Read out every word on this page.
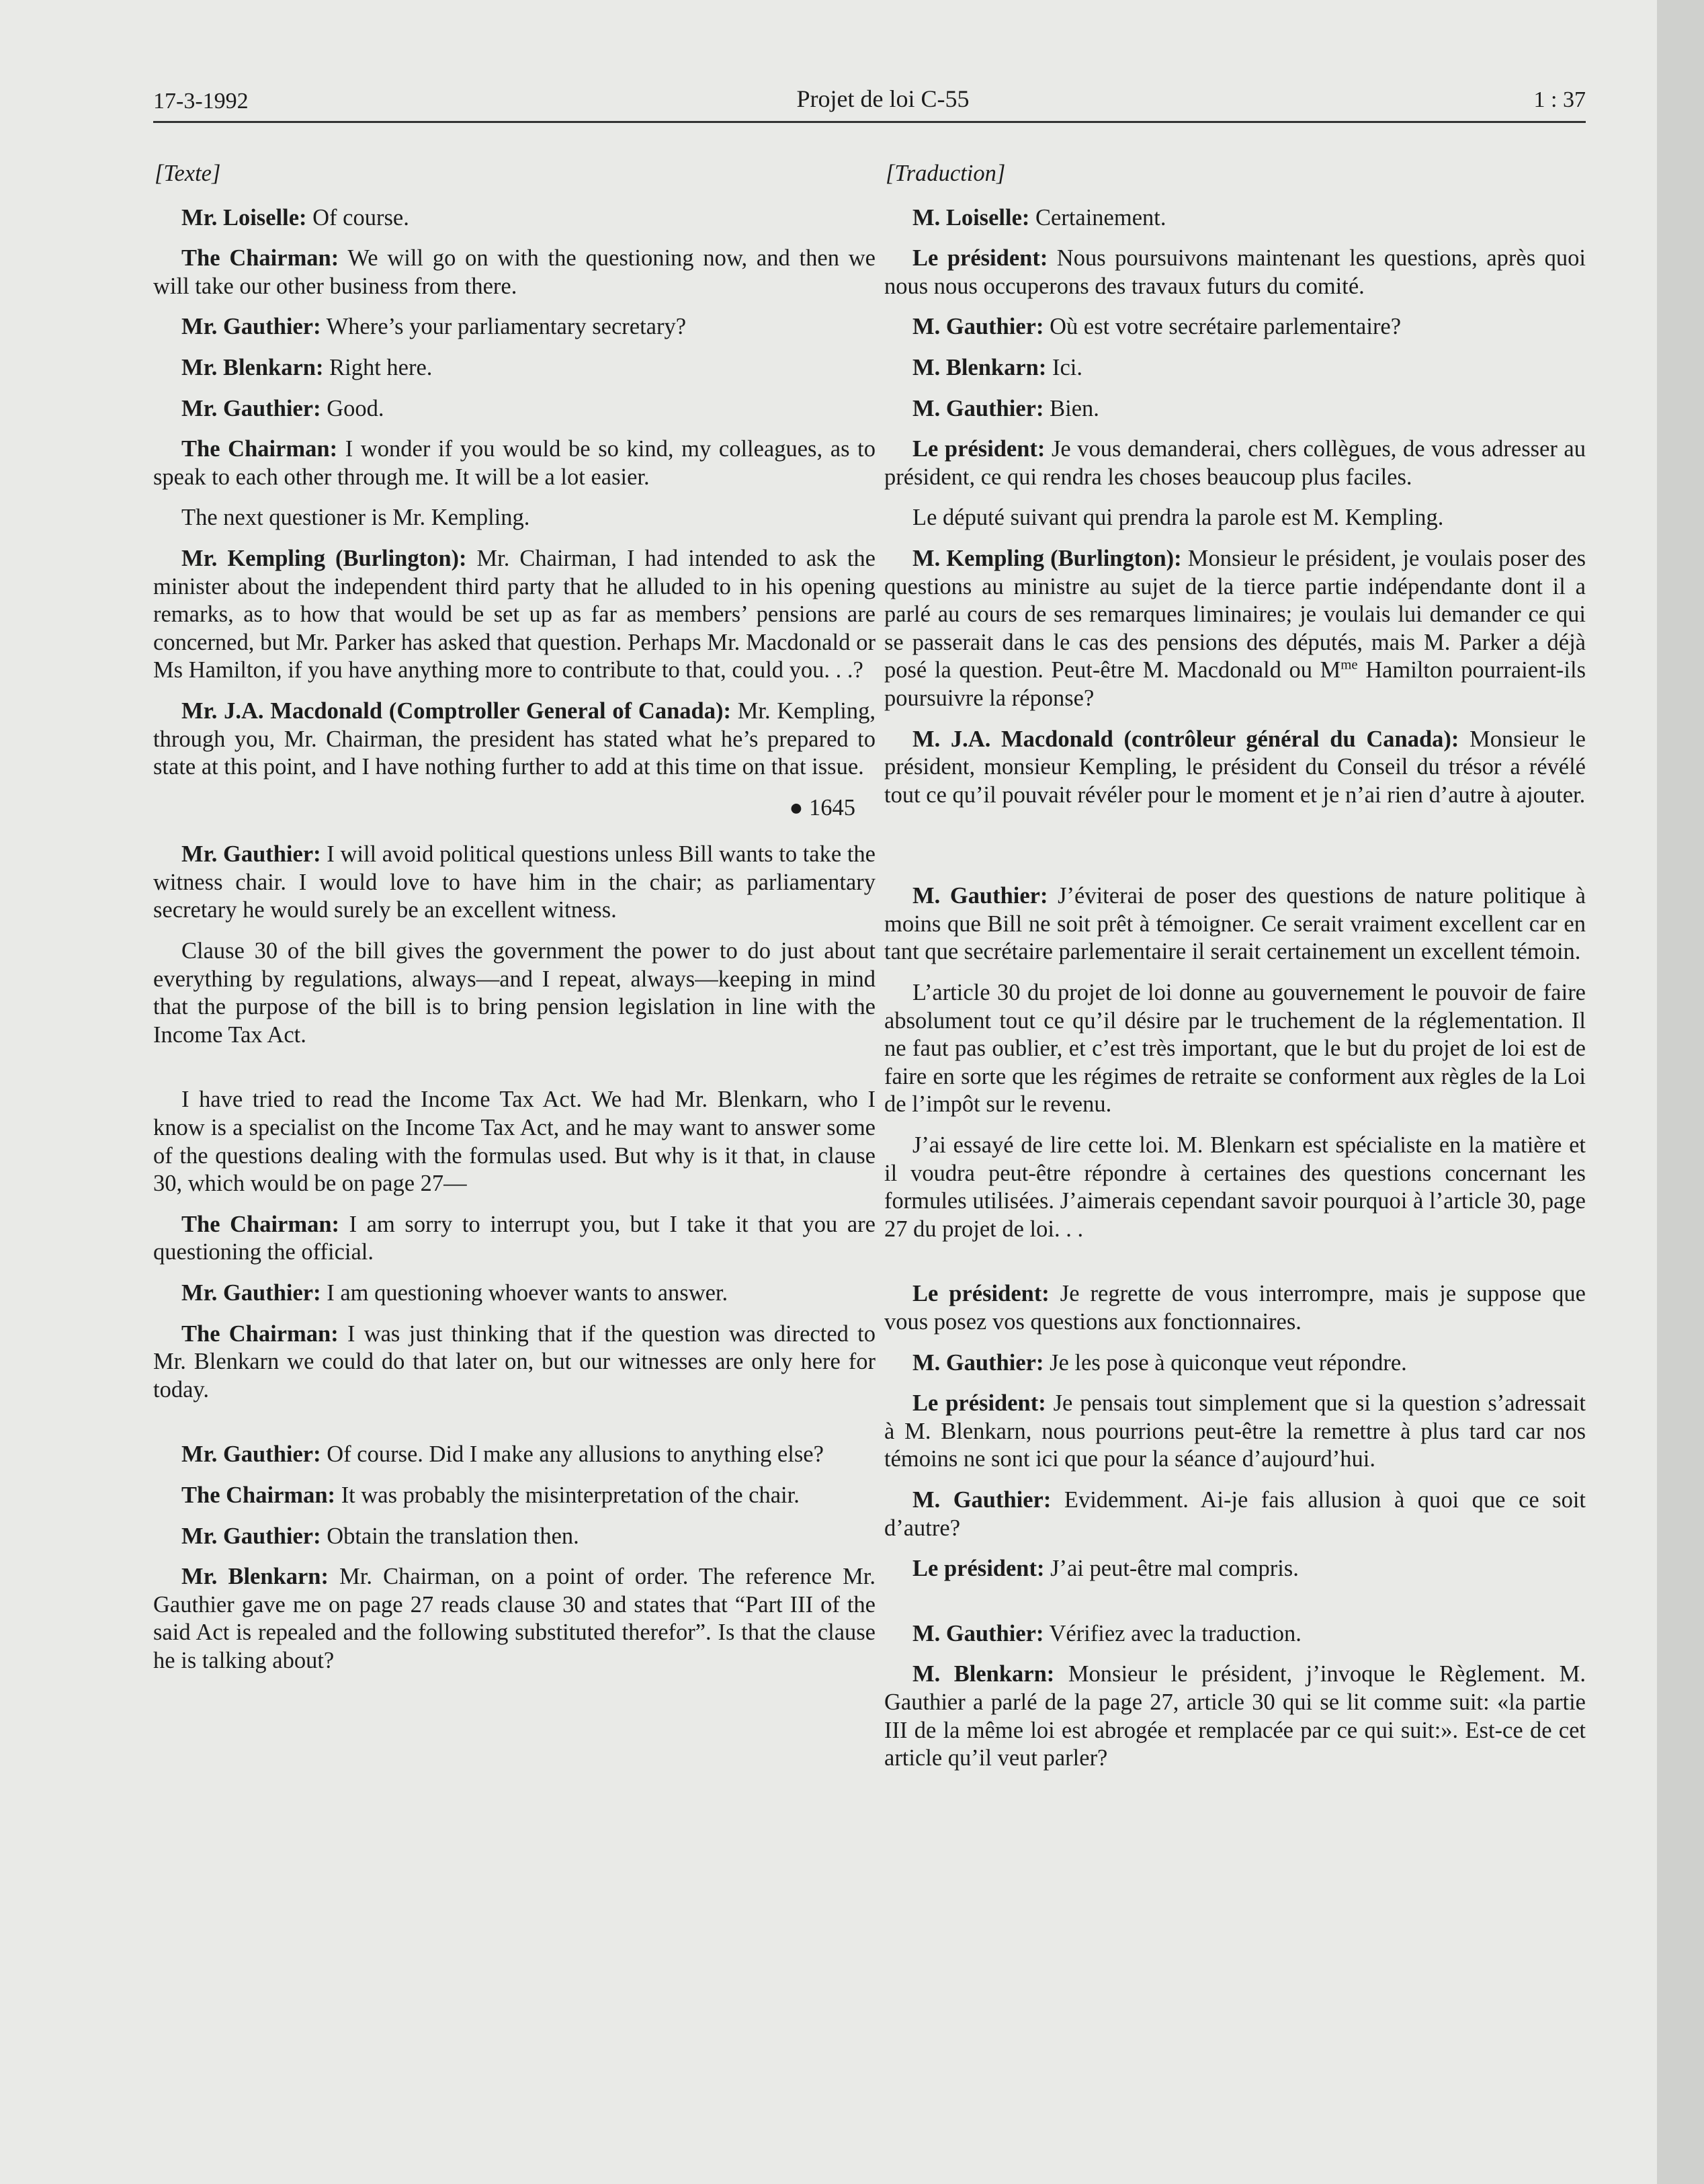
17-3-1992	Projet de loi C-55	1 : 37

[Texte]

Mr. Loiselle: Of course.

The Chairman: We will go on with the questioning now, and then we will take our other business from there.

Mr. Gauthier: Where’s your parliamentary secretary?

Mr. Blenkarn: Right here.

Mr. Gauthier: Good.

The Chairman: I wonder if you would be so kind, my colleagues, as to speak to each other through me. It will be a lot easier.

The next questioner is Mr. Kempling.

Mr. Kempling (Burlington): Mr. Chairman, I had intended to ask the minister about the independent third party that he alluded to in his opening remarks, as to how that would be set up as far as members’ pensions are concerned, but Mr. Parker has asked that question. Perhaps Mr. Macdonald or Ms Hamilton, if you have anything more to contribute to that, could you. . .?

Mr. J.A. Macdonald (Comptroller General of Canada): Mr. Kempling, through you, Mr. Chairman, the president has stated what he’s prepared to state at this point, and I have nothing further to add at this time on that issue.

● 1645

Mr. Gauthier: I will avoid political questions unless Bill wants to take the witness chair. I would love to have him in the chair; as parliamentary secretary he would surely be an excellent witness.

Clause 30 of the bill gives the government the power to do just about everything by regulations, always—and I repeat, always—keeping in mind that the purpose of the bill is to bring pension legislation in line with the Income Tax Act.

I have tried to read the Income Tax Act. We had Mr. Blenkarn, who I know is a specialist on the Income Tax Act, and he may want to answer some of the questions dealing with the formulas used. But why is it that, in clause 30, which would be on page 27—

The Chairman: I am sorry to interrupt you, but I take it that you are questioning the official.

Mr. Gauthier: I am questioning whoever wants to answer.

The Chairman: I was just thinking that if the question was directed to Mr. Blenkarn we could do that later on, but our witnesses are only here for today.

Mr. Gauthier: Of course. Did I make any allusions to anything else?

The Chairman: It was probably the misinterpretation of the chair.

Mr. Gauthier: Obtain the translation then.

Mr. Blenkarn: Mr. Chairman, on a point of order. The reference Mr. Gauthier gave me on page 27 reads clause 30 and states that “Part III of the said Act is repealed and the following substituted therefor”. Is that the clause he is talking about?

[Traduction]

M. Loiselle: Certainement.

Le président: Nous poursuivons maintenant les questions, après quoi nous nous occuperons des travaux futurs du comité.

M. Gauthier: Où est votre secrétaire parlementaire?

M. Blenkarn: Ici.

M. Gauthier: Bien.

Le président: Je vous demanderai, chers collègues, de vous adresser au président, ce qui rendra les choses beaucoup plus faciles.

Le député suivant qui prendra la parole est M. Kempling.

M. Kempling (Burlington): Monsieur le président, je voulais poser des questions au ministre au sujet de la tierce partie indépendante dont il a parlé au cours de ses remarques liminaires; je voulais lui demander ce qui se passerait dans le cas des pensions des députés, mais M. Parker a déjà posé la question. Peut-être M. Macdonald ou $M^{me}$ Hamilton pourraient-ils poursuivre la réponse?

M. J.A. Macdonald (contrôleur général du Canada): Monsieur le président, monsieur Kempling, le président du Conseil du trésor a révélé tout ce qu’il pouvait révéler pour le moment et je n’ai rien d’autre à ajouter.

M. Gauthier: J’éviterai de poser des questions de nature politique à moins que Bill ne soit prêt à témoigner. Ce serait vraiment excellent car en tant que secrétaire parlementaire il serait certainement un excellent témoin.

L’article 30 du projet de loi donne au gouvernement le pouvoir de faire absolument tout ce qu’il désire par le truchement de la réglementation. Il ne faut pas oublier, et c’est très important, que le but du projet de loi est de faire en sorte que les régimes de retraite se conforment aux règles de la Loi de l’impôt sur le revenu.

J’ai essayé de lire cette loi. M. Blenkarn est spécialiste en la matière et il voudra peut-être répondre à certaines des questions concernant les formules utilisées. J’aimerais cependant savoir pourquoi à l’article 30, page 27 du projet de loi. . .

Le président: Je regrette de vous interrompre, mais je suppose que vous posez vos questions aux fonctionnaires.

M. Gauthier: Je les pose à quiconque veut répondre.

Le président: Je pensais tout simplement que si la question s’adressait à M. Blenkarn, nous pourrions peut-être la remettre à plus tard car nos témoins ne sont ici que pour la séance d’aujourd’hui.

M. Gauthier: Evidemment. Ai-je fais allusion à quoi que ce soit d’autre?

Le président: J’ai peut-être mal compris.

M. Gauthier: Vérifiez avec la traduction.

M. Blenkarn: Monsieur le président, j’invoque le Règlement. M. Gauthier a parlé de la page 27, article 30 qui se lit comme suit: «la partie III de la même loi est abrogée et remplacée par ce qui suit:». Est-ce de cet article qu’il veut parler?
